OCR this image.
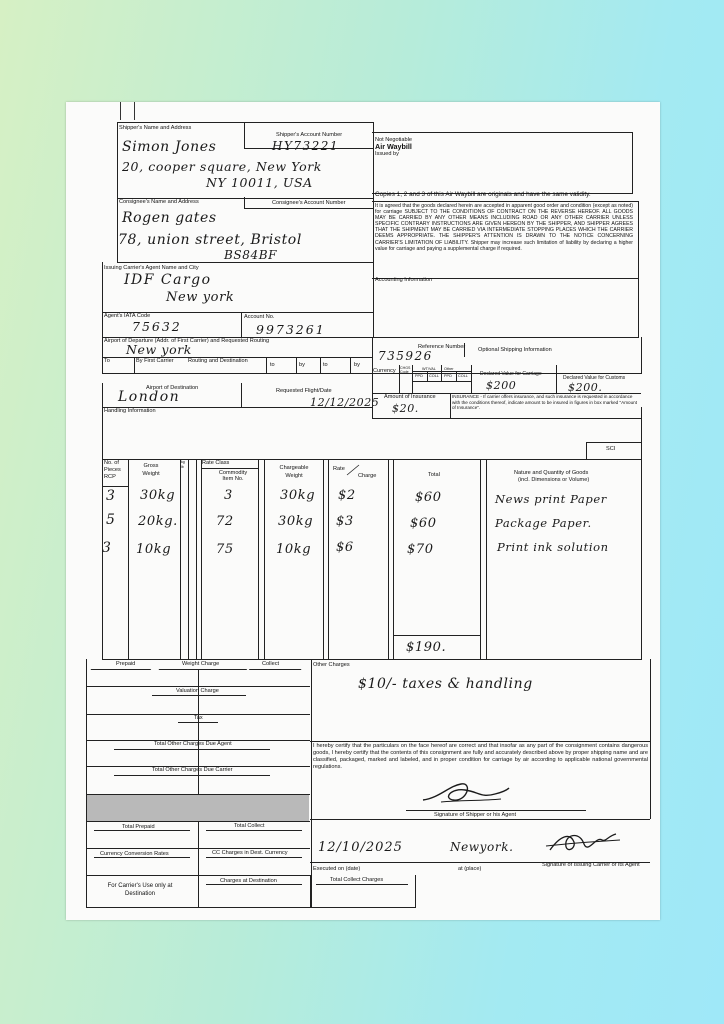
Shipper's Name and Address
Shipper's Account Number
Simon Jones	HY73221
20, cooper square, New York
NY 10011, USA
Consignee's Name and Address	Consignee's Account Number
Rogen gates
78, union street, Bristol
BS84BF
Issuing Carrier's Agent Name and City
IDF Cargo
New york
Agent's IATA Code	Account No.
75632	9973261
Not Negotiable
Air Waybill
Issued by
Copies 1, 2 and 3 of this Air Waybill are originals and have the same validity.
It is agreed that the goods declared herein are accepted in apparent good order and condition (except as noted) for carriage SUBJECT TO THE CONDITIONS OF CONTRACT ON THE REVERSE HEREOF. ALL GOODS MAY BE CARRIED BY ANY OTHER MEANS INCLUDING ROAD OR ANY OTHER CARRIER UNLESS SPECIFIC CONTRARY INSTRUCTIONS ARE GIVEN HEREON BY THE SHIPPER, AND SHIPPER AGREES THAT THE SHIPMENT MAY BE CARRIED VIA INTERMEDIATE STOPPING PLACES WHICH THE CARRIER DEEMS APPROPRIATE. THE SHIPPER'S ATTENTION IS DRAWN TO THE NOTICE CONCERNING CARRIER'S LIMITATION OF LIABILITY. Shipper may increase such limitation of liability by declaring a higher value for carriage and paying a supplemental charge if required.
Accounting Information
Airport of Departure (Addr. of First Carrier) and Requested Routing
New york	Reference Number Optional Shipping Information
735926
To	By First Carrier	Routing and Destination
to	by	to	by
Currency CHGS Code
WT/VAL Other
PPD COLL PPD COLL Declared Value for Carriage
Declared Value for Customs
$200	$200.
Airport of Destination	Requested Flight/Date
London	12/12/2025 Amount of Insurance
$20.
INSURANCE - If carrier offers insurance, and such insurance is requested in accordance with the conditions thereof, indicate amount to be insured in figures in box marked "Amount of Insurance".
Handling Information
SCI
No. of Pieces RCP
Gross Weight
kg lb
Rate Class
Commodity Item No.
Chargeable Weight
Rate
Charge	Total	Nature and Quantity of Goods
(incl. Dimensions or Volume)
3 30kg	3	30kg $2	$60	News print Paper
5 20kg.	72	30kg $3	$60	Package Paper.
3 10kg	75	10kg $6	$70	Print ink solution
$190.
Other Charges
$10/- taxes & handling
Prepaid	Weight Charge	Collect
Valuation Charge
Tax
Total Other Charges Due Agent
Total Other Charges Due Carrier
Total Prepaid	Total Collect
Currency Conversion Rates	CC Charges in Dest. Currency
For Carrier's Use only at Destination
Charges at Destination	Total Collect Charges
I hereby certify that the particulars on the face hereof are correct and that insofar as any part of the consignment contains dangerous goods, I hereby certify that the contents of this consignment are fully and accurately described above by proper shipping name and are classified, packaged, marked and labeled, and in proper condition for carriage by air according to applicable national governmental regulations.
Signature of Shipper or his Agent
12/10/2025	Newyork.
Executed on (date)	at (place)
Signature of Issuing Carrier or its Agent
